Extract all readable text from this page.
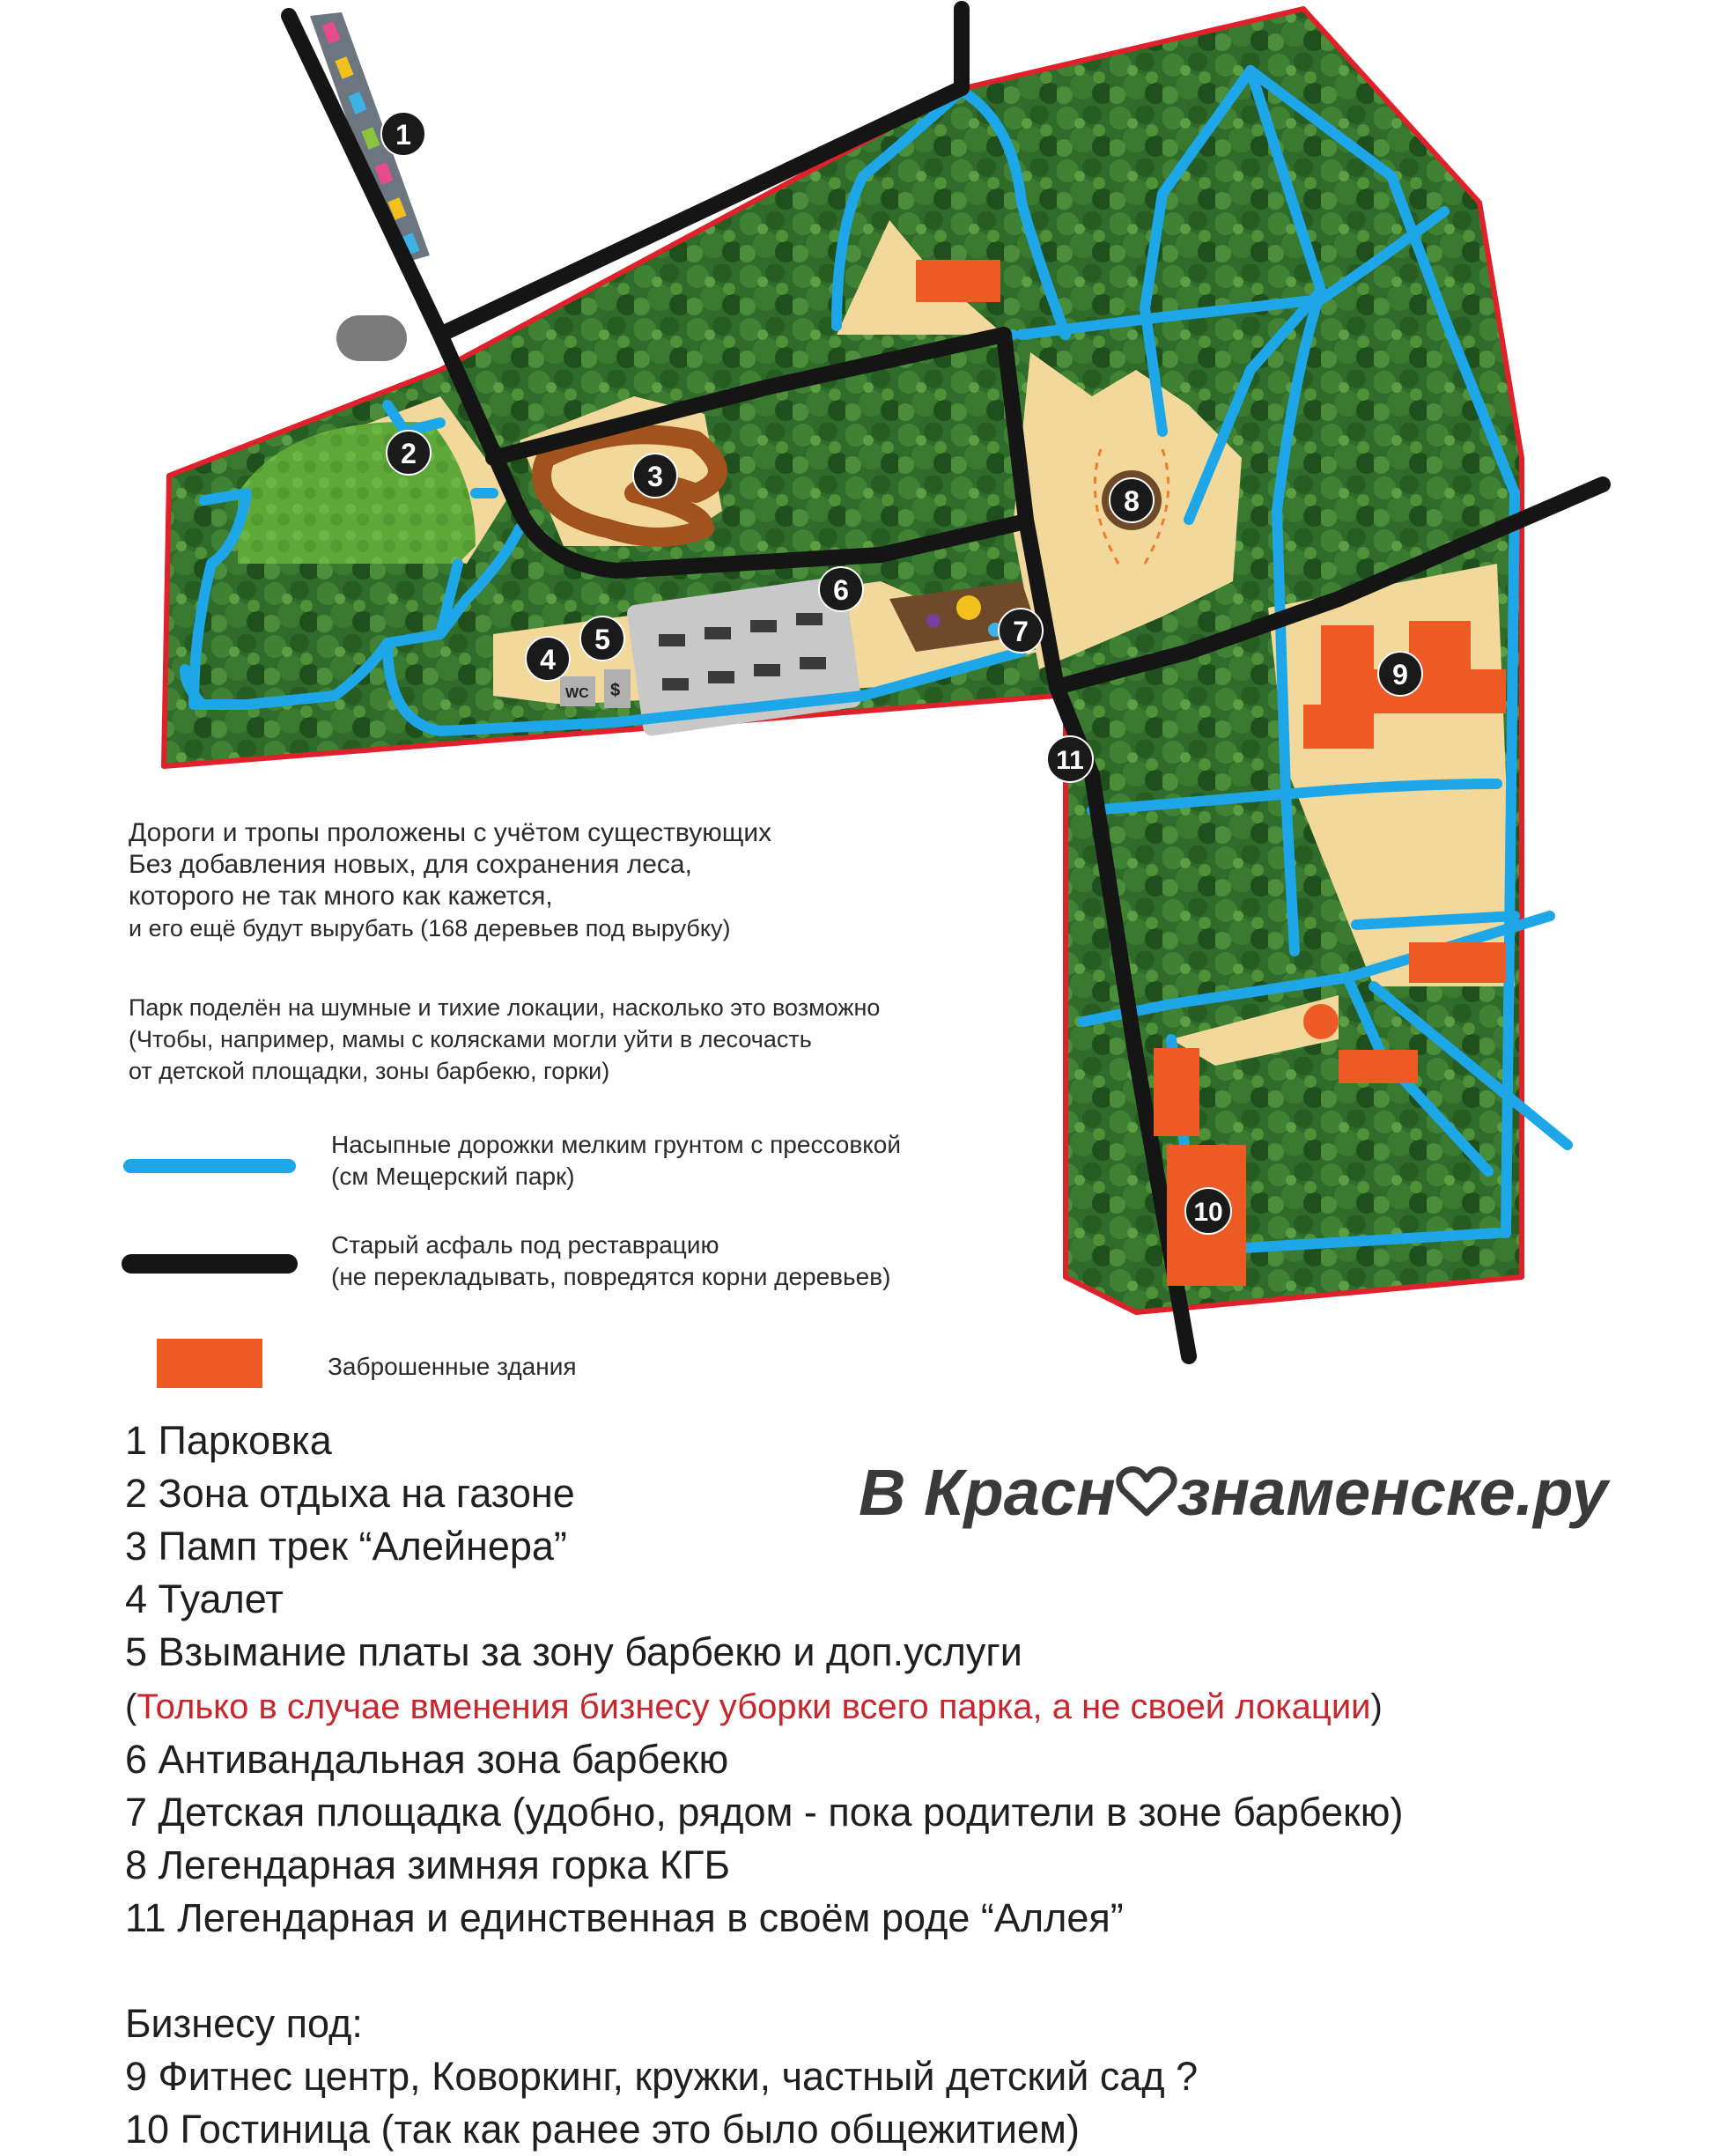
WC $
1
2
3
4
5
6
7
8
9
10
11

Дороги и тропы проложены с учётом существующих

Без добавления новых, для сохранения леса,

которого не так много как кажется,

и его ещё будут вырубать (168 деревьев под вырубку)

Парк поделён на шумные и тихие локации, насколько это возможно

(Чтобы, например, мамы с колясками могли уйти в лесочасть

от детской площадки, зоны барбекю, горки)

Насыпные дорожки мелким грунтом с прессовкой
(см Мещерский парк)
Старый асфаль под реставрацию
(не перекладывать, повредятся корни деревьев)
Заброшенные здания
В Красн знаменске.ру
1 Парковка
2 Зона отдыха на газоне
3 Памп трек “Алейнера”
4 Туалет
5 Взымание платы за зону барбекю и доп.услуги
(Только в случае вменения бизнесу уборки всего парка, а не своей локации)
6 Антивандальная зона барбекю
7 Детская площадка (удобно, рядом - пока родители в зоне барбекю)
8 Легендарная зимняя горка КГБ
11 Легендарная и единственная в своём роде “Аллея”
Бизнесу под:
9 Фитнес центр, Коворкинг, кружки, частный детский сад ?
10 Гостиница (так как ранее это было общежитием)
